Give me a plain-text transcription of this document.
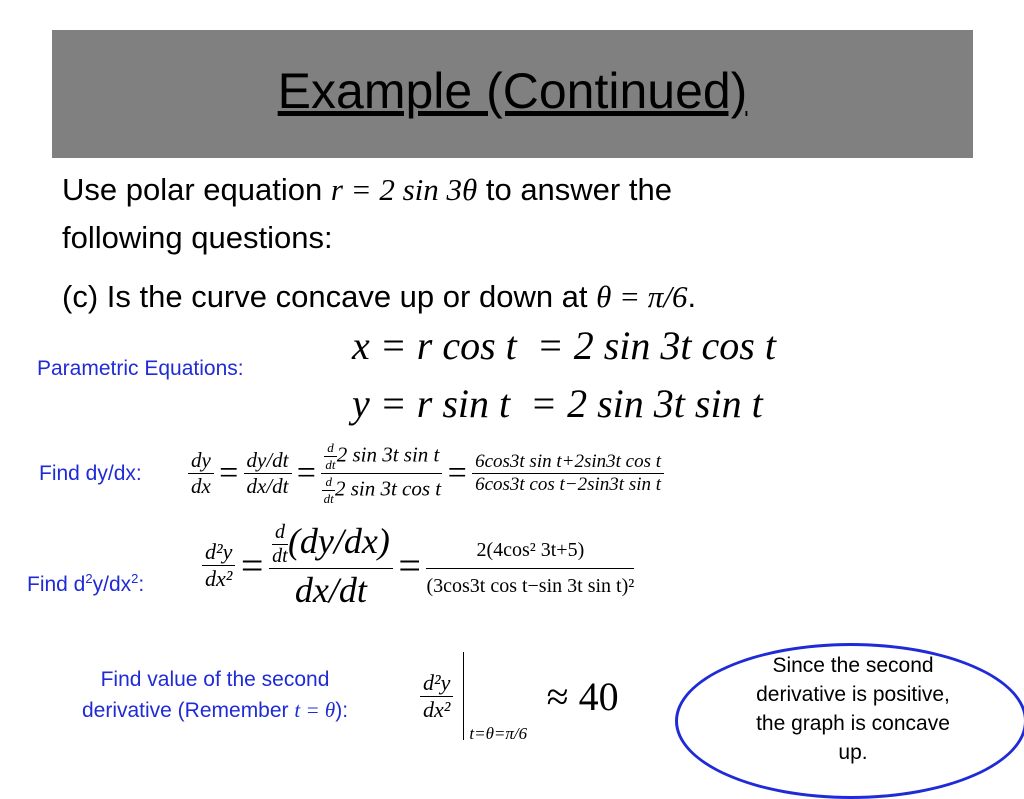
Example (Continued)
Use polar equation r = 2 sin 3θ to answer the
following questions:
(c) Is the curve concave up or down at θ = π/6.
Parametric Equations:
x = r cos t  = 2 sin 3t cos t
y = r sin t  = 2 sin 3t sin t
Find dy/dx: $\frac{dy}{dx} = \frac{dy/dt}{dx/dt} = \frac{\frac{d}{dt} 2 \sin 3t \sin t}{\frac{d}{dt} 2 \sin 3t \cos t} = \frac{\text{6cos3t sin t+2sin3t cos t}}{\text{6cos3t cos t−2sin3t sin t}}$
Find $d^2y/dx^2$:	$\frac{\text{d²y}}{\text{dx²}} = \frac{\frac{d}{dt} (dy/dx)}{dx/dt} = \frac{\text{2(4cos² 3t+5)}}{\text{(3cos3t cos t−sin 3t sin t)²}}$
Find value of the second
derivative (Remember t = θ):	$\frac{\text{d²y}}{\text{dx²}}$
$_{t=\theta=\pi/6}$ ≈ 40
Since the second derivative is positive, the graph is concave up.
